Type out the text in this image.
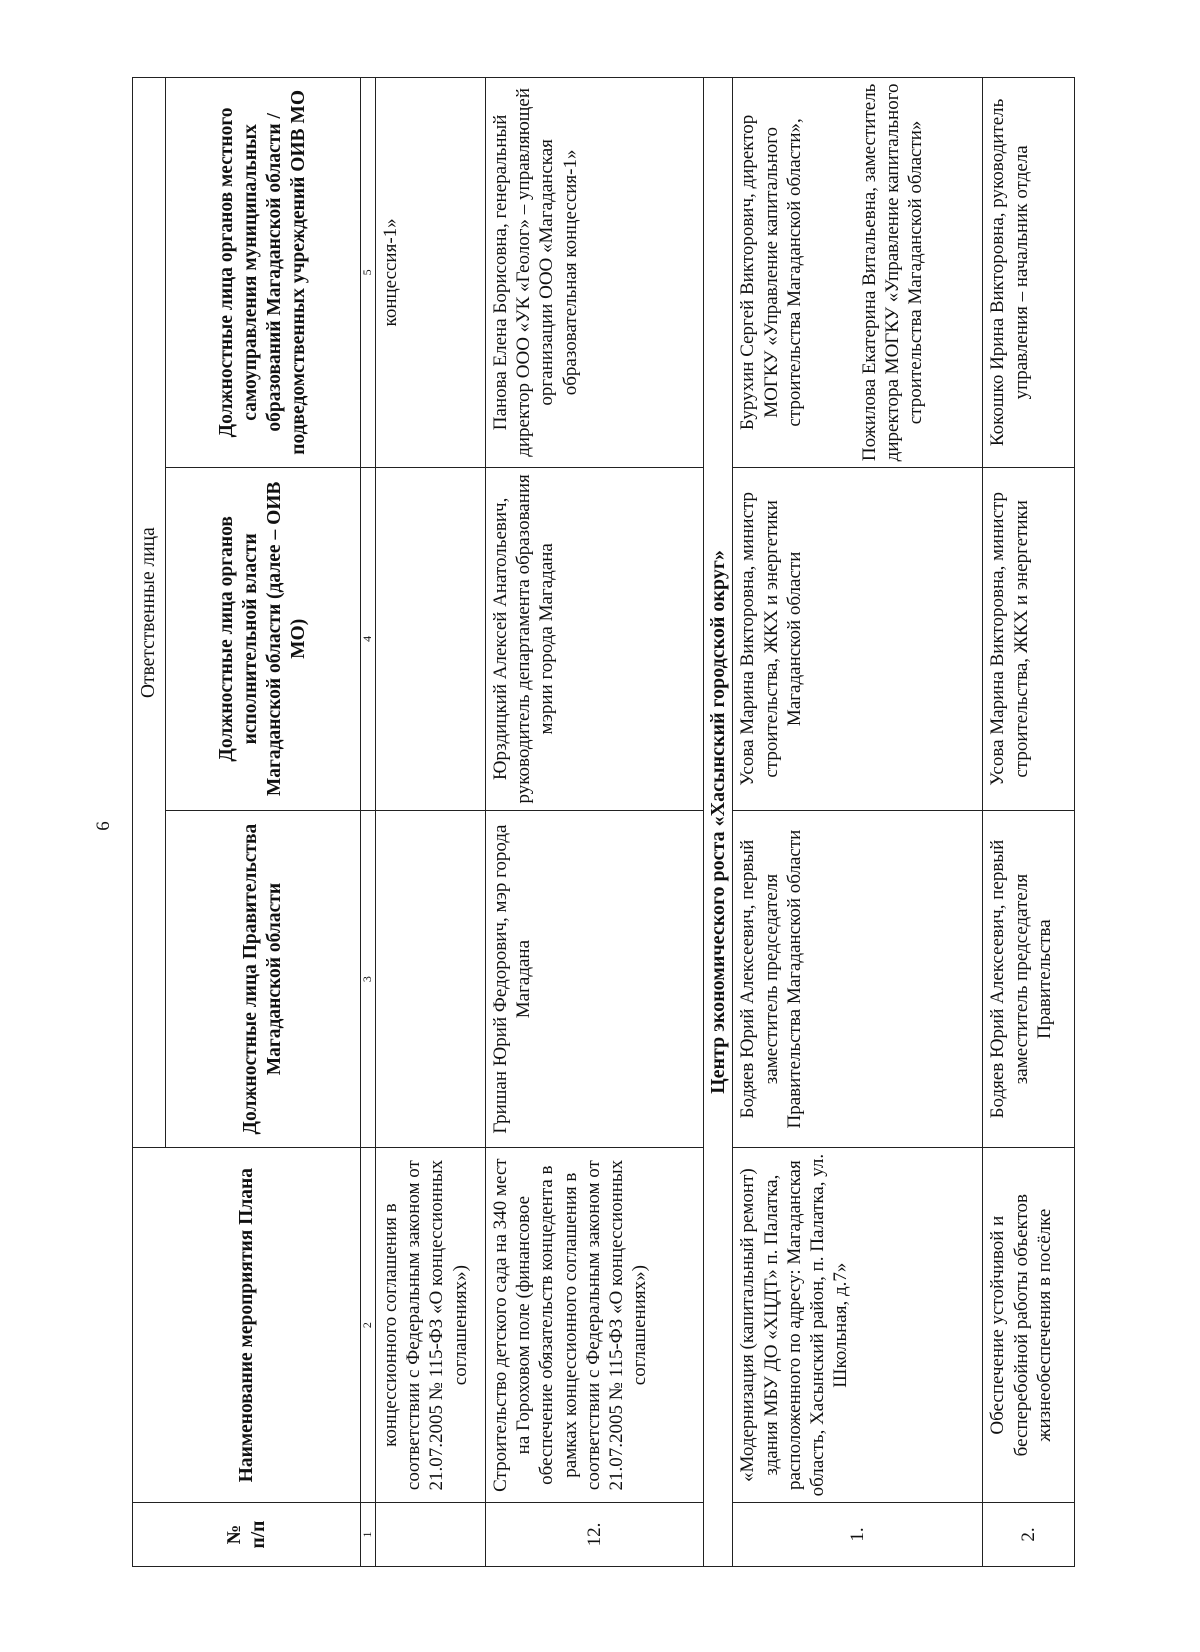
6
№
п/п	Наименование мероприятия Плана	Ответственные лица		
		Должностные лица Правительства Магаданской области	Должностные лица органов исполнительной власти Магаданской области (далее – ОИВ МО)	Должностные лица органов местного самоуправления муниципальных образований Магаданской области / подведомственных учреждений ОИВ МО
1	2	3	4	5
	концессионного соглашения в соответствии с Федеральным законом от 21.07.2005 № 115-ФЗ «О концессионных соглашениях»)			концессия-1»
12.	Строительство детского сада на 340 мест на Гороховом поле (финансовое обеспечение обязательств концедента в рамках концессионного соглашения в соответствии с Федеральным законом от 21.07.2005 № 115-ФЗ «О концессионных соглашениях»)	Гришан Юрий Федорович, мэр города Магадана	Юрздицкий Алексей Анатольевич, руководитель департамента образования мэрии города Магадана	Панова Елена Борисовна, генеральный директор ООО «УК «Геолог» – управляющей организации ООО «Магаданская образовательная концессия-1»
Центр экономического роста «Хасынский городской округ»				
1.	«Модернизация (капитальный ремонт) здания МБУ ДО «ХЦДТ» п. Палатка, расположенного по адресу: Магаданская область, Хасынский район, п. Палатка, ул. Школьная, д.7»	Бодяев Юрий Алексеевич, первый заместитель председателя Правительства Магаданской области	Усова Марина Викторовна, министр строительства, ЖКХ и энергетики Магаданской области	Бурухин Сергей Викторович, директор МОГКУ «Управление капитального строительства Магаданской области», Пожилова Екатерина Витальевна, заместитель директора МОГКУ «Управление капитального строительства Магаданской области»

2.	Обеспечение устойчивой и бесперебойной работы объектов жизнеобеспечения в посёлке	Бодяев Юрий Алексеевич, первый заместитель председателя Правительства	Усова Марина Викторовна, министр строительства, ЖКХ и энергетики	Кокошко Ирина Викторовна, руководитель управления – начальник отдела
